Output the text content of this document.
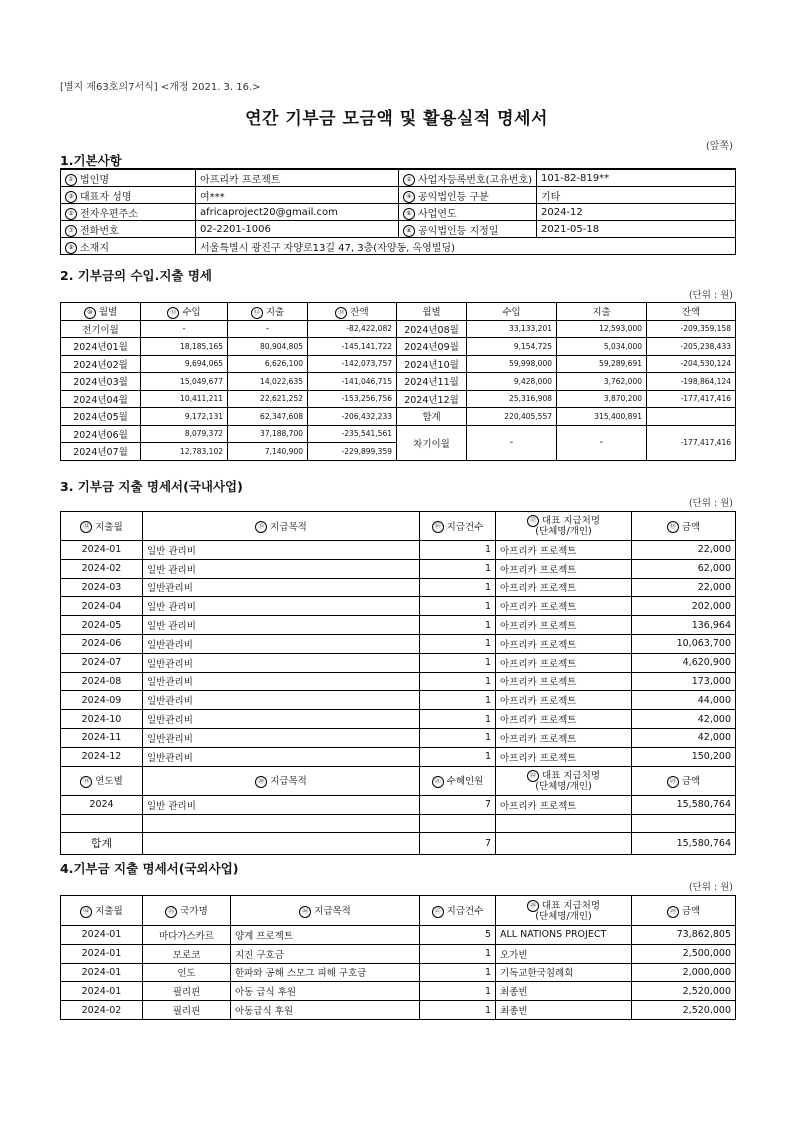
[별지 제63호의7서식] <개정 2021. 3. 16.>
연간 기부금 모금액 및 활용실적 명세서
(앞쪽)
1.기본사항
① 법인명	아프리카 프로젝트	② 사업자등록번호(고유번호)	101-82-819**
③ 대표자 성명	여***	④ 공익법인등 구분	기타
⑤ 전자우편주소	africaproject20@gmail.com	⑥ 사업연도	2024-12
⑦ 전화번호	02-2201-1006	⑧ 공익법인등 지정일	2021-05-18
⑨ 소재지	서울특별시 광진구 자양로13길 47, 3층(자양동, 옥영빌딩)		
2. 기부금의 수입.지출 명세
(단위 : 원)
⑩ 월별	⑪ 수입	⑫ 지출	⑬ 잔액	월별	수입	지출	잔액
전기이월	-	-	-82,422,082	2024년08월	33,133,201	12,593,000	-209,359,158
2024년01월	18,185,165	80,904,805	-145,141,722	2024년09월	9,154,725	5,034,000	-205,238,433
2024년02월	9,694,065	6,626,100	-142,073,757	2024년10월	59,998,000	59,289,691	-204,530,124
2024년03월	15,049,677	14,022,635	-141,046,715	2024년11월	9,428,000	3,762,000	-198,864,124
2024년04월	10,411,211	22,621,252	-153,256,756	2024년12월	25,316,908	3,870,200	-177,417,416
2024년05월	9,172,131	62,347,608	-206,432,233	합계	220,405,557	315,400,891	
2024년06월	8,079,372	37,188,700	-235,541,561	차기이월	-	-	-177,417,416
2024년07월	12,783,102	7,140,900	-229,899,359				
3. 기부금 지출 명세서(국내사업)
(단위 : 원)
⑭ 지출월	⑮ 지급목적	⑯ 지급건수	⑰ 대표 지급처명
(단체명/개인)	⑱ 금액
2024-01	일반 관리비	1	아프리카 프로젝트	22,000
2024-02	일반 관리비	1	아프리카 프로젝트	62,000
2024-03	일반관리비	1	아프리카 프로젝트	22,000
2024-04	일반 관리비	1	아프리카 프로젝트	202,000
2024-05	일반 관리비	1	아프리카 프로젝트	136,964
2024-06	일반관리비	1	아프리카 프로젝트	10,063,700
2024-07	일반관리비	1	아프리카 프로젝트	4,620,900
2024-08	일반관리비	1	아프리카 프로젝트	173,000
2024-09	일반관리비	1	아프리카 프로젝트	44,000
2024-10	일반관리비	1	아프리카 프로젝트	42,000
2024-11	일반관리비	1	아프리카 프로젝트	42,000
2024-12	일반관리비	1	아프리카 프로젝트	150,200
⑲ 연도별	⑳ 지급목적	㉑ 수혜인원	㉒ 대표 지급처명
(단체명/개인)	㉓ 금액
2024	일반 관리비	7	아프리카 프로젝트	15,580,764

합계		7		15,580,764
4.기부금 지출 명세서(국외사업)
(단위 : 원)
㉔ 지출월	㉕ 국가명	㉖ 지급목적	㉗ 지급건수	㉘ 대표 지급처명
(단체명/개인)	㉙ 금액
2024-01	마다가스카르	양계 프로젝트	5	ALL NATIONS PROJECT	73,862,805
2024-01	모로코	지진 구호금	1	오가빈	2,500,000
2024-01	인도	한파와 공해 스모그 피해 구호금	1	기독교한국침례회	2,000,000
2024-01	필리핀	아동 급식 후원	1	최종빈	2,520,000
2024-02	필리핀	아동급식 후원	1	최종빈	2,520,000
